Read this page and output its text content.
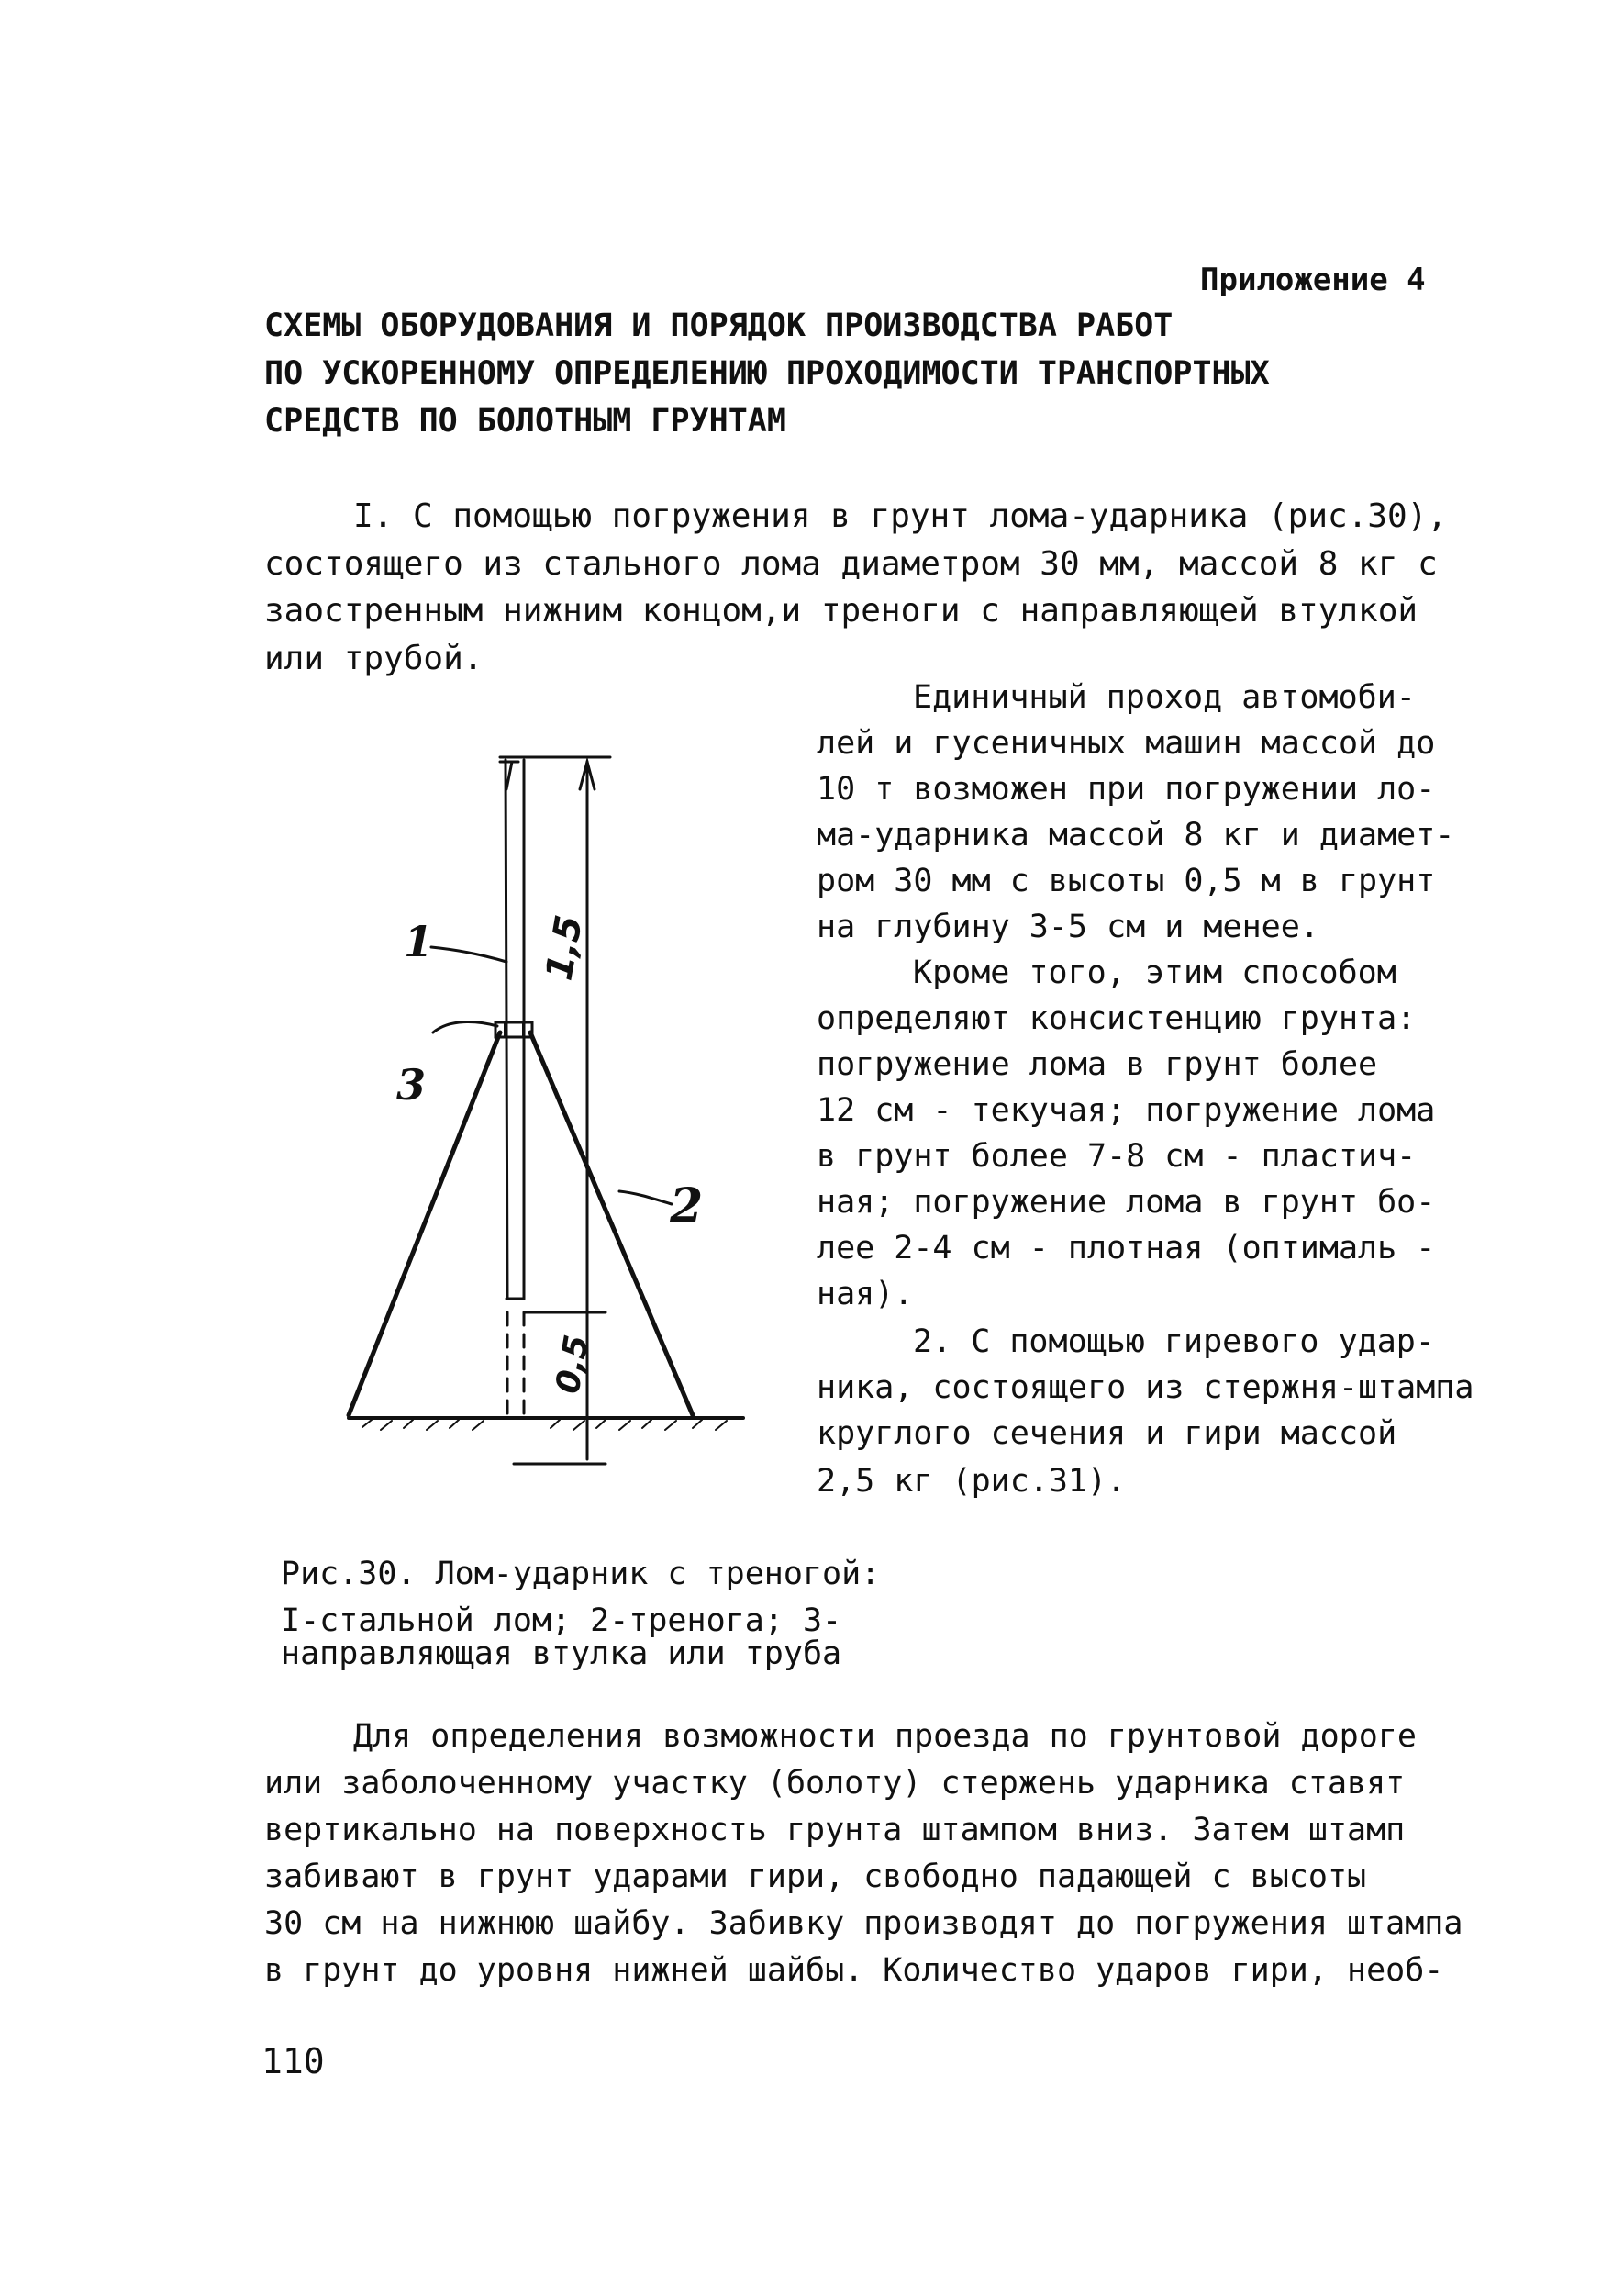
Приложение 4
СХЕМЫ ОБОРУДОВАНИЯ И ПОРЯДОК ПРОИЗВОДСТВА РАБОТ
ПО УСКОРЕННОМУ ОПРЕДЕЛЕНИЮ ПРОХОДИМОСТИ ТРАНСПОРТНЫХ
СРЕДСТВ ПО БОЛОТНЫМ ГРУНТАМ
I. С помощью погружения в грунт лома-ударника (рис.30),
состоящего из стального лома диаметром 30 мм, массой 8 кг с
заостренным нижним концом,и треноги с направляющей втулкой
или трубой.
Единичный проход автомоби-
лей и гусеничных машин массой до
10 т возможен при погружении ло-
ма-ударника массой 8 кг и диамет-
ром 30 мм с высоты 0,5 м в грунт
на глубину 3-5 см и менее.
Кроме того, этим способом
определяют консистенцию грунта:
погружение лома в грунт более
12 см - текучая; погружение лома
в грунт более 7-8 см - пластич-
ная; погружение лома в грунт бо-
лее 2-4 см - плотная (оптималь -
ная).
2. С помощью гиревого удар-
ника, состоящего из стержня-штампа
круглого сечения и гири массой
2,5 кг (рис.31).
1,5
0,5
1
3
2
Рис.30. Лом-ударник с треногой:
I-стальной лом; 2-тренога; 3-
направляющая втулка или труба
Для определения возможности проезда по грунтовой дороге
или заболоченному участку (болоту) стержень ударника ставят
вертикально на поверхность грунта штампом вниз. Затем штамп
забивают в грунт ударами гири, свободно падающей с высоты
30 см на нижнюю шайбу. Забивку производят до погружения штампа
в грунт до уровня нижней шайбы. Количество ударов гири, необ-
110
